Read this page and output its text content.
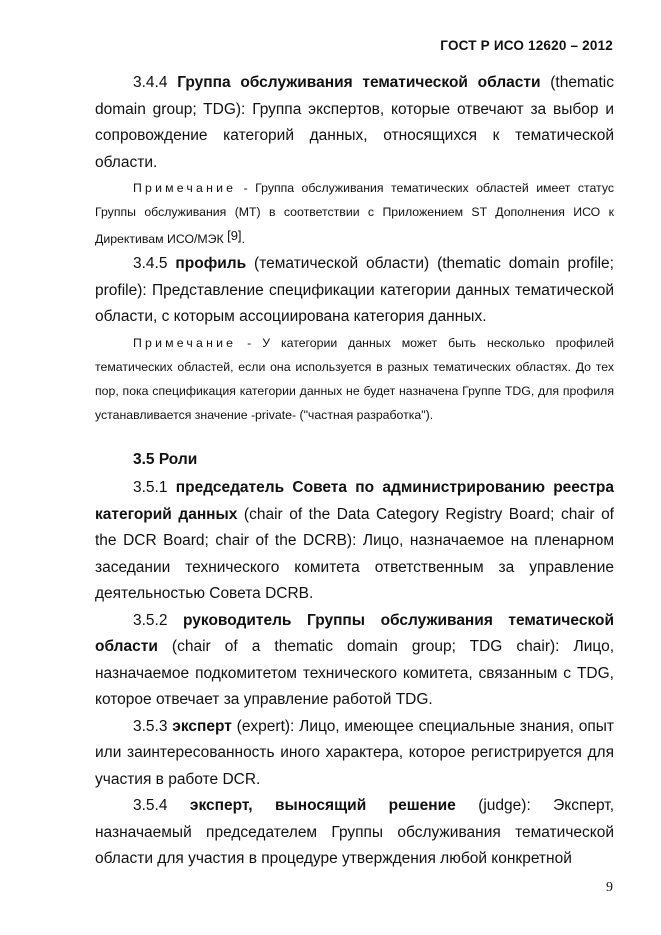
ГОСТ Р ИСО 12620 – 2012

3.4.4 Группа обслуживания тематической области (thematic domain group; TDG): Группа экспертов, которые отвечают за выбор и сопровождение категорий данных, относящихся к тематической области.

Примечание - Группа обслуживания тематических областей имеет статус Группы обслуживания (МТ) в соответствии с Приложением ST Дополнения ИСО к Директивам ИСО/МЭК [9].

3.4.5 профиль (тематической области) (thematic domain profile; profile): Представление спецификации категории данных тематической области, с которым ассоциирована категория данных.

Примечание - У категории данных может быть несколько профилей тематических областей, если она используется в разных тематических областях. До тех пор, пока спецификация категории данных не будет назначена Группе TDG, для профиля устанавливается значение -private- ("частная разработка").

3.5 Роли

3.5.1 председатель Совета по администрированию реестра категорий данных (chair of the Data Category Registry Board; chair of the DCR Board; chair of the DCRB): Лицо, назначаемое на пленарном заседании технического комитета ответственным за управление деятельностью Совета DCRB.

3.5.2 руководитель Группы обслуживания тематической области (chair of a thematic domain group; TDG chair): Лицо, назначаемое подкомитетом технического комитета, связанным с TDG, которое отвечает за управление работой TDG.

3.5.3 эксперт (expert): Лицо, имеющее специальные знания, опыт или заинтересованность иного характера, которое регистрируется для участия в работе DCR.

3.5.4 эксперт, выносящий решение (judge): Эксперт, назначаемый председателем Группы обслуживания тематической области для участия в процедуре утверждения любой конкретной

9
